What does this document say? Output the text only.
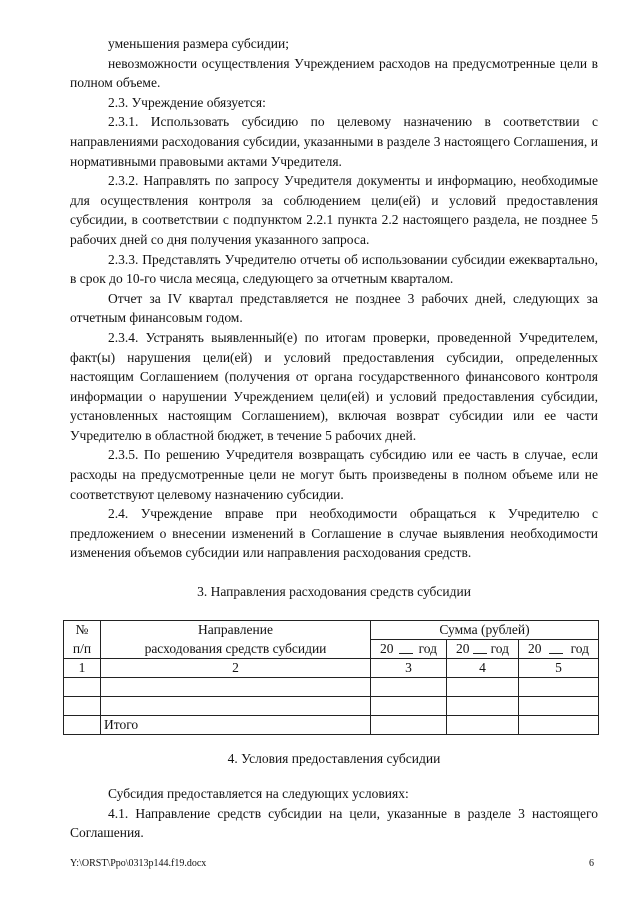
уменьшения размера субсидии;

невозможности осуществления Учреждением расходов на предусмотренные цели в полном объеме.

2.3. Учреждение обязуется:

2.3.1. Использовать субсидию по целевому назначению в соответствии с направлениями расходования субсидии, указанными в разделе 3 настоящего Соглашения, и нормативными правовыми актами Учредителя.

2.3.2. Направлять по запросу Учредителя документы и информацию, необходимые для осуществления контроля за соблюдением цели(ей) и условий предоставления субсидии, в соответствии с подпунктом 2.2.1 пункта 2.2 настоящего раздела, не позднее 5 рабочих дней со дня получения указанного запроса.

2.3.3. Представлять Учредителю отчеты об использовании субсидии ежеквартально, в срок до 10-го числа месяца, следующего за отчетным кварталом.

Отчет за IV квартал представляется не позднее 3 рабочих дней, следующих за отчетным финансовым годом.

2.3.4. Устранять выявленный(е) по итогам проверки, проведенной Учредителем, факт(ы) нарушения цели(ей) и условий предоставления субсидии, определенных настоящим Соглашением (получения от органа государственного финансового контроля информации о нарушении Учреждением цели(ей) и условий предоставления субсидии, установленных настоящим Соглашением), включая возврат субсидии или ее части Учредителю в областной бюджет, в течение 5 рабочих дней.

2.3.5. По решению Учредителя возвращать субсидию или ее часть в случае, если расходы на предусмотренные цели не могут быть произведены в полном объеме или не соответствуют целевому назначению субсидии.

2.4. Учреждение вправе при необходимости обращаться к Учредителю с предложением о внесении изменений в Соглашение в случае выявления необходимости изменения объемов субсидии или направления расходования средств.

3. Направления расходования средств субсидии
№	Направление	Сумма (рублей)		
п/п	расходования средств субсидии	20 год	20 год	20 год

1	2	3	4	5

	Итого			
4. Условия предоставления субсидии

Субсидия предоставляется на следующих условиях:

4.1. Направление средств субсидии на цели, указанные в разделе 3 настоящего Соглашения.

Y:\ORST\Ppo\0313p144.f19.docx	6
